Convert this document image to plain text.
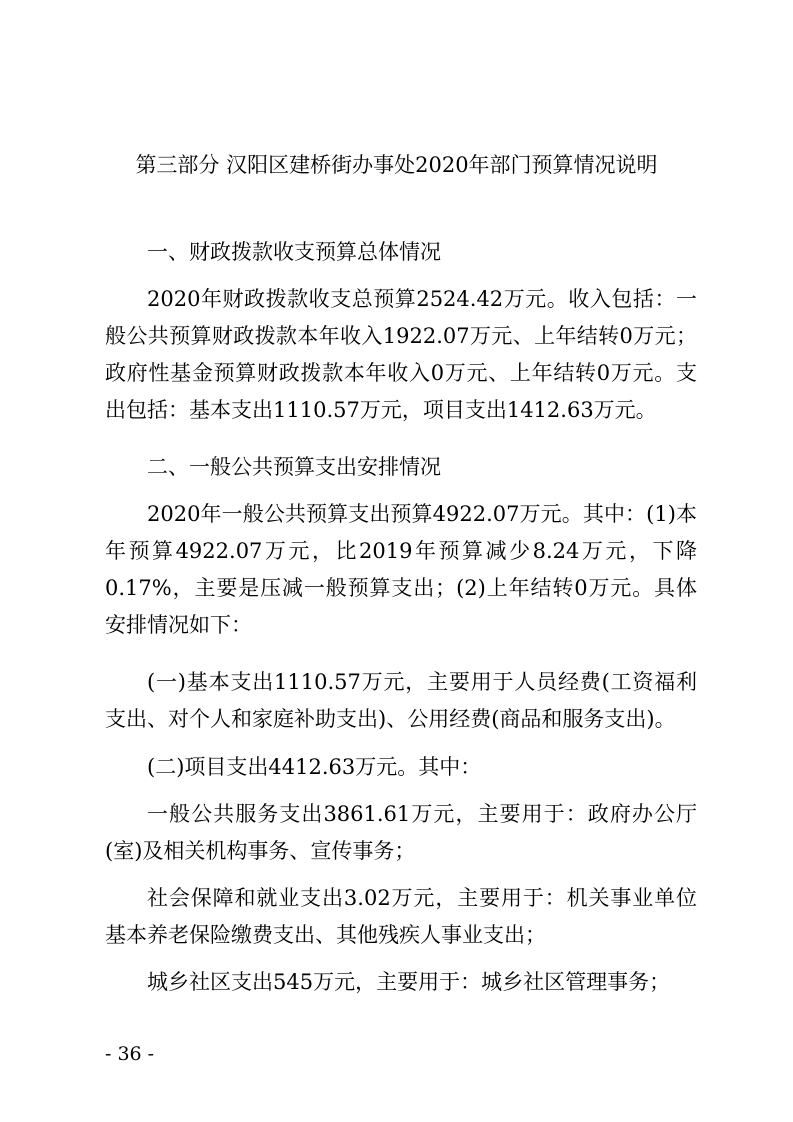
第三部分 汉阳区建桥街办事处2020年部门预算情况说明
一、财政拨款收支预算总体情况

2020年财政拨款收支总预算2524.42万元。收入包括：一般公共预算财政拨款本年收入1922.07万元、上年结转0万元；政府性基金预算财政拨款本年收入0万元、上年结转0万元。支出包括：基本支出1110.57万元，项目支出1412.63万元。

二、一般公共预算支出安排情况

2020年一般公共预算支出预算4922.07万元。其中：(1)本年预算4922.07万元，比2019年预算减少8.24万元，下降0.17%，主要是压减一般预算支出；(2)上年结转0万元。具体安排情况如下：

(一)基本支出1110.57万元，主要用于人员经费(工资福利支出、对个人和家庭补助支出)、公用经费(商品和服务支出)。

(二)项目支出4412.63万元。其中：

一般公共服务支出3861.61万元，主要用于：政府办公厅(室)及相关机构事务、宣传事务；

社会保障和就业支出3.02万元，主要用于：机关事业单位基本养老保险缴费支出、其他残疾人事业支出；

城乡社区支出545万元，主要用于：城乡社区管理事务；

- 36 -
